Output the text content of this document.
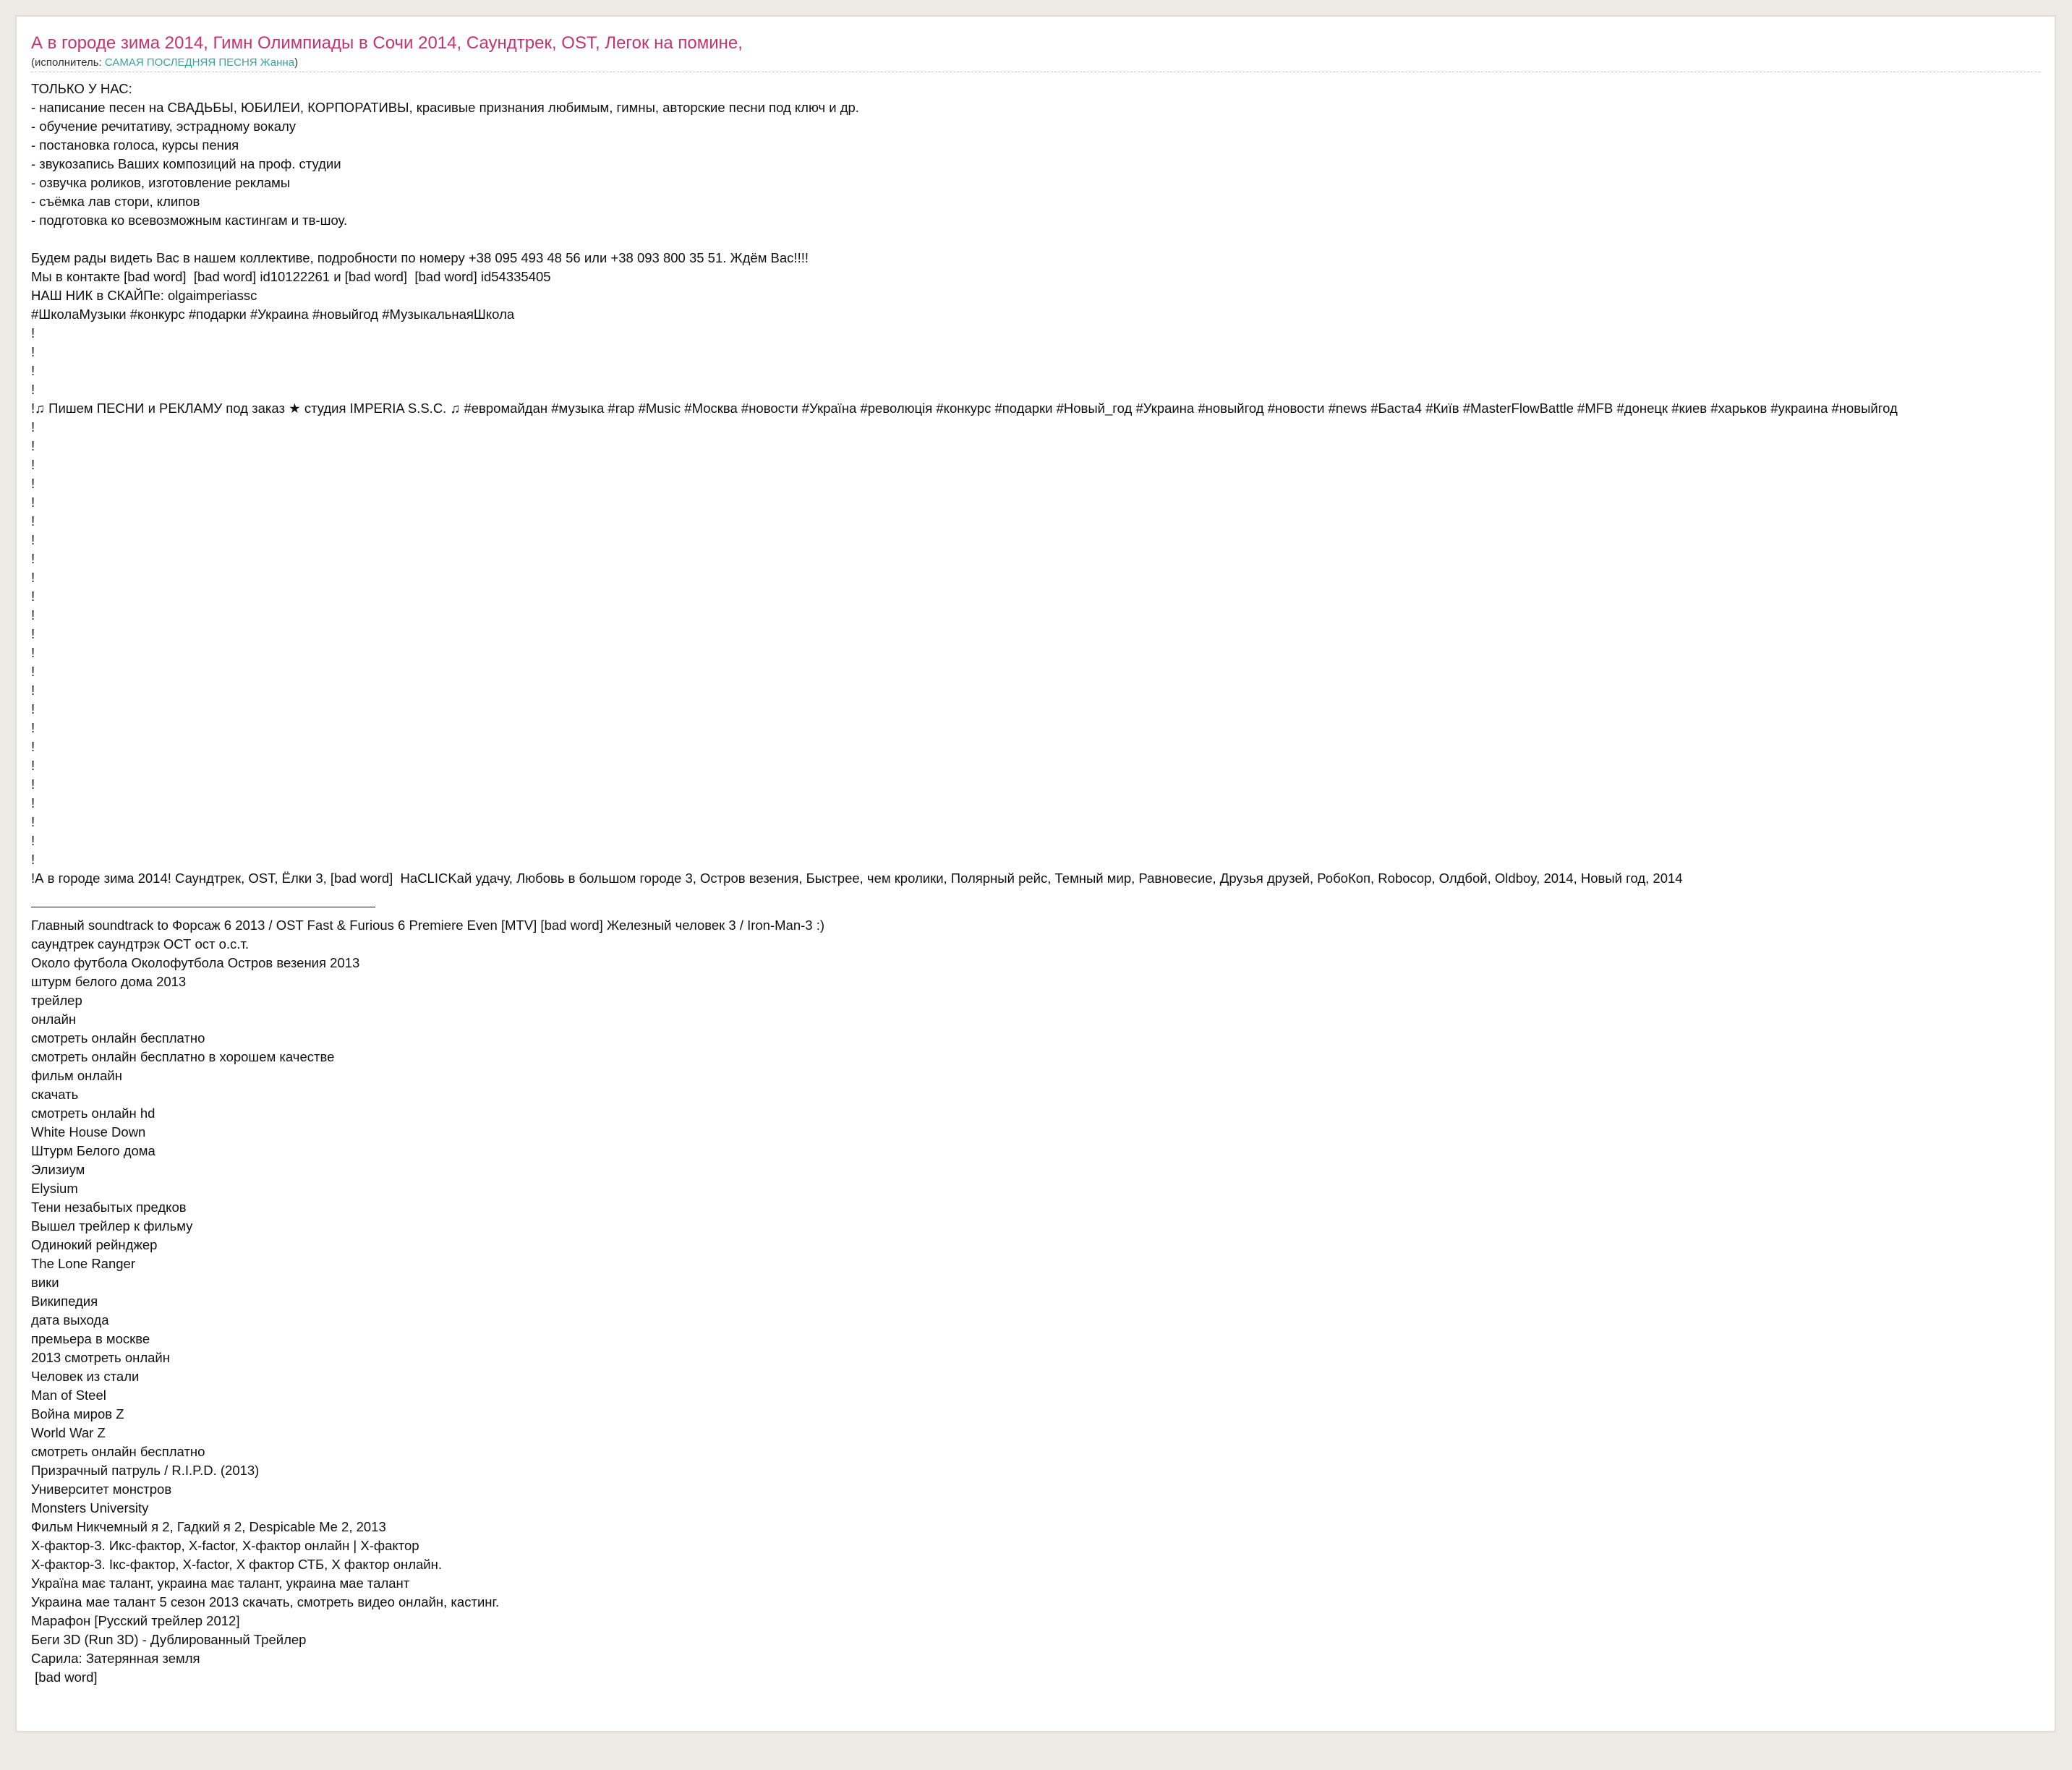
А в городе зима 2014, Гимн Олимпиады в Сочи 2014, Саундтрек, OST, Легок на помине,
(исполнитель: САМАЯ ПОСЛЕДНЯЯ ПЕСНЯ Жанна)
ТОЛЬКО У НАС:
- написание песен на СВАДЬБЫ, ЮБИЛЕИ, КОРПОРАТИВЫ, красивые признания любимым, гимны, авторские песни под ключ и др.
- обучение речитативу, эстрадному вокалу
- постановка голоса, курсы пения
- звукозапись Ваших композиций на проф. студии
- озвучка роликов, изготовление рекламы
- съёмка лав стори, клипов
- подготовка ко всевозможным кастингам и тв-шоу.
Будем рады видеть Вас в нашем коллективе, подробности по номеру +38 095 493 48 56 или +38 093 800 35 51. Ждём Вас!!!!
Мы в контакте [bad word]  [bad word] id10122261 и [bad word]  [bad word] id54335405
НАШ НИК в СКАЙПе: olgaimperiassc
#ШколаМузыки #конкурс #подарки #Украина #новыйгод #МузыкальнаяШкола
!
!
!
!
!♫ Пишем ПЕСНИ и РЕКЛАМУ под заказ ★ студия IMPERIA S.S.C. ♫ #евромайдан #музыка #rap #Music #Москва #новости #Україна #революція #конкурс #подарки #Новый_год #Украина #новыйгод #новости #news #Баста4 #Київ #MasterFlowBattle #MFB #донецк #киев #харьков #украина #новыйгод
!
!
!
!
!
!
!
!
!
!
!
!
!
!
!
!
!
!
!
!
!
!
!
!
!А в городе зима 2014! Саундтрек, OST, Ёлки 3, [bad word]  HaCLICKай удачу, Любовь в большом городе 3, Остров везения, Быстрее, чем кролики, Полярный рейс, Темный мир, Равновесие, Друзья друзей, РобоКоп, Robocop, Олдбой, Oldboy, 2014, Новый год, 2014
Главный soundtrack to Форсаж 6 2013 / OST Fast & Furious 6 Premiere Even [MTV] [bad word] Железный человек 3 / Iron-Man-3 :)
саундтрек саундтрэк ОСТ ост о.с.т.
Около футбола Околофутбола Остров везения 2013
штурм белого дома 2013
трейлер
онлайн
смотреть онлайн бесплатно
смотреть онлайн бесплатно в хорошем качестве
фильм онлайн
скачать
смотреть онлайн hd
White House Down
Штурм Белого дома
Элизиум
Elysium
Тени незабытых предков
Вышел трейлер к фильму
Одинокий рейнджер
The Lone Ranger
вики
Википедия
дата выхода
премьера в москве
2013 смотреть онлайн
Человек из стали
Man of Steel
Война миров Z
World War Z
смотреть онлайн бесплатно
Призрачный патруль / R.I.P.D. (2013)
Университет монстров
Monsters University
Фильм Никчемный я 2, Гадкий я 2, Despicable Me 2, 2013
Х-фактор-3. Икс-фактор, X-factor, Х-фактор онлайн | Х-фактор
Х-фактор-3. Ікс-фактор, X-factor, Х фактор СТБ, Х фактор онлайн.
Україна має талант, украина має талант, украина мае талант
Украина мае талант 5 сезон 2013 скачать, смотреть видео онлайн, кастинг.
Марафон [Русский трейлер 2012]
Беги 3D (Run 3D) - Дублированный Трейлер
Сарила: Затерянная земля
[bad word]
